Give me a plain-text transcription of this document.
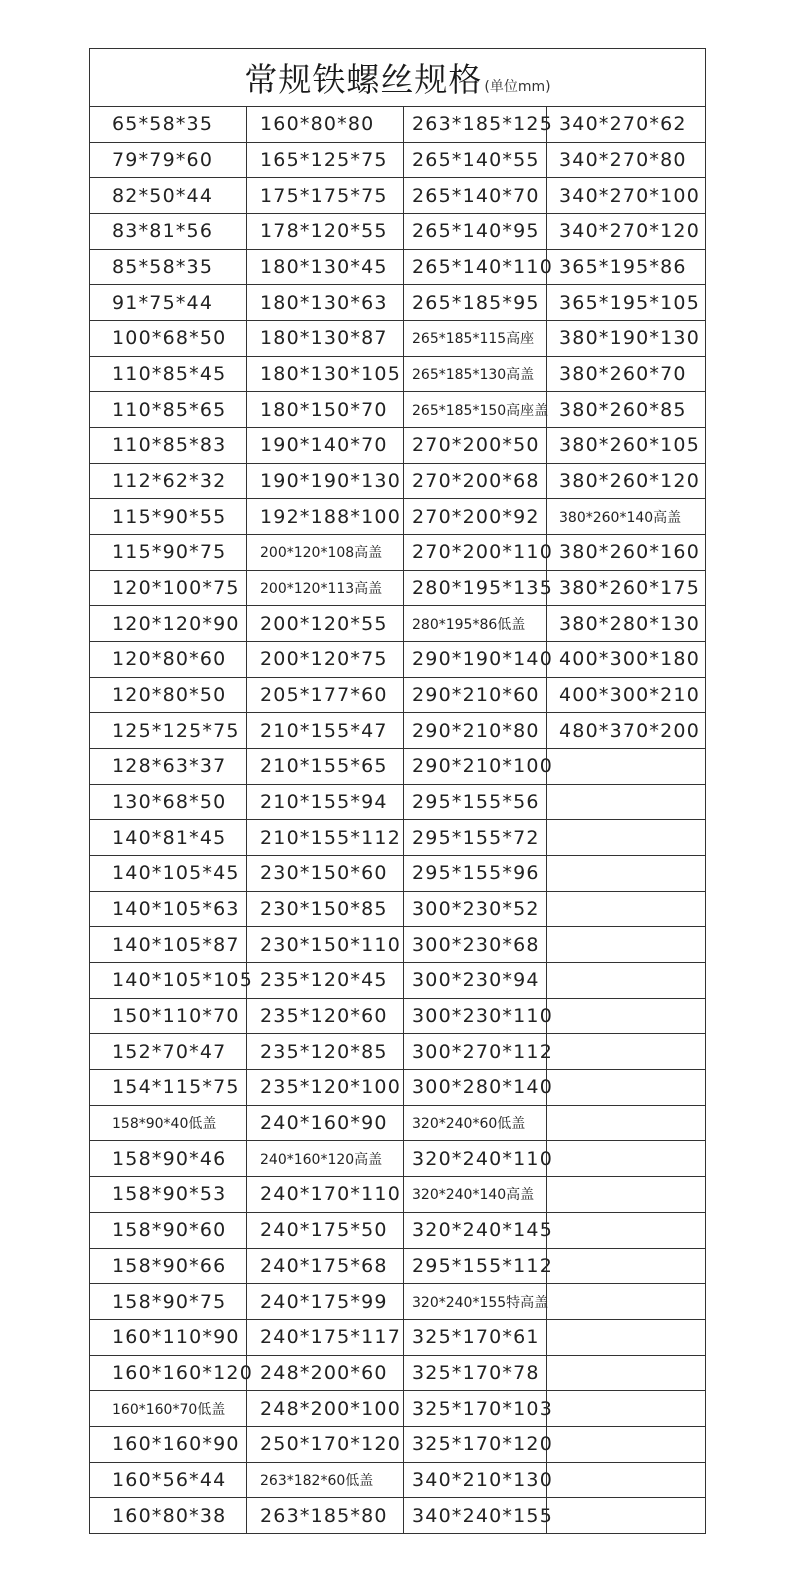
常规铁螺丝规格 (单位mm)
65*58*35
79*79*60
82*50*44
83*81*56
85*58*35
91*75*44
100*68*50
110*85*45
110*85*65
110*85*83
112*62*32
115*90*55
115*90*75
120*100*75
120*120*90
120*80*60
120*80*50
125*125*75
128*63*37
130*68*50
140*81*45
140*105*45
140*105*63
140*105*87
140*105*105
150*110*70
152*70*47
154*115*75
158*90*40低盖
158*90*46
158*90*53
158*90*60
158*90*66
158*90*75
160*110*90
160*160*120
160*160*70低盖
160*160*90
160*56*44
160*80*38
160*80*80
165*125*75
175*175*75
178*120*55
180*130*45
180*130*63
180*130*87
180*130*105
180*150*70
190*140*70
190*190*130
192*188*100
200*120*108高盖
200*120*113高盖
200*120*55
200*120*75
205*177*60
210*155*47
210*155*65
210*155*94
210*155*112
230*150*60
230*150*85
230*150*110
235*120*45
235*120*60
235*120*85
235*120*100
240*160*90
240*160*120高盖
240*170*110
240*175*50
240*175*68
240*175*99
240*175*117
248*200*60
248*200*100
250*170*120
263*182*60低盖
263*185*80
263*185*125
265*140*55
265*140*70
265*140*95
265*140*110
265*185*95
265*185*115高座
265*185*130高盖
265*185*150高座盖
270*200*50
270*200*68
270*200*92
270*200*110
280*195*135
280*195*86低盖
290*190*140
290*210*60
290*210*80
290*210*100
295*155*56
295*155*72
295*155*96
300*230*52
300*230*68
300*230*94
300*230*110
300*270*112
300*280*140
320*240*60低盖
320*240*110
320*240*140高盖
320*240*145
295*155*112
320*240*155特高盖
325*170*61
325*170*78
325*170*103
325*170*120
340*210*130
340*240*155
340*270*62
340*270*80
340*270*100
340*270*120
365*195*86
365*195*105
380*190*130
380*260*70
380*260*85
380*260*105
380*260*120
380*260*140高盖
380*260*160
380*260*175
380*280*130
400*300*180
400*300*210
480*370*200
